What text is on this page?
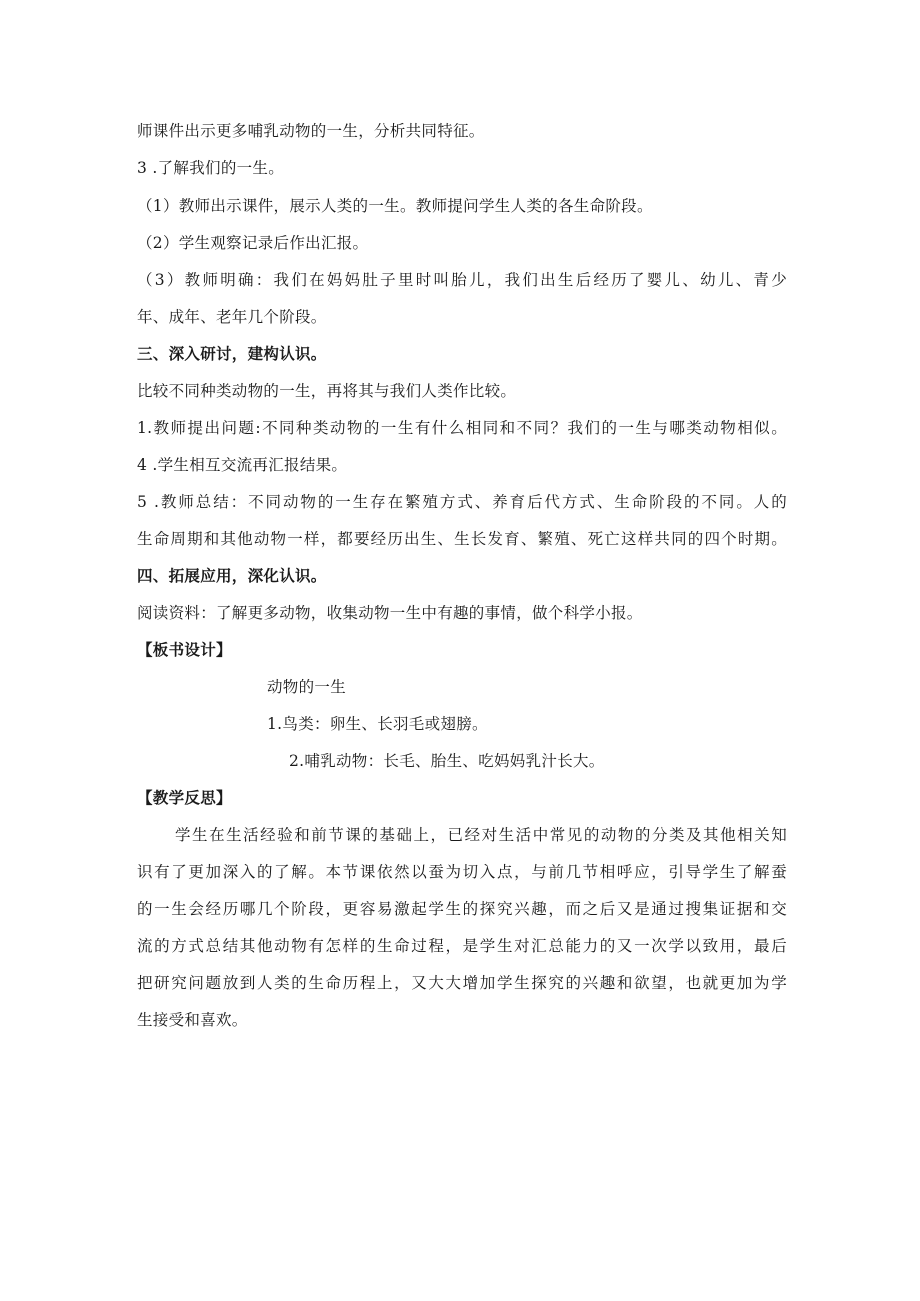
师课件出示更多哺乳动物的一生，分析共同特征。
3 .了解我们的一生。
（1）教师出示课件，展示人类的一生。教师提问学生人类的各生命阶段。
（2）学生观察记录后作出汇报。
（3）教师明确：我们在妈妈肚子里时叫胎儿，我们出生后经历了婴儿、幼儿、青少
年、成年、老年几个阶段。
三、深入研讨，建构认识。
比较不同种类动物的一生，再将其与我们人类作比较。
1.教师提出问题:不同种类动物的一生有什么相同和不同？我们的一生与哪类动物相似。
4 .学生相互交流再汇报结果。
5 .教师总结：不同动物的一生存在繁殖方式、养育后代方式、生命阶段的不同。人的
生命周期和其他动物一样，都要经历出生、生长发育、繁殖、死亡这样共同的四个时期。
四、拓展应用，深化认识。
阅读资料：了解更多动物，收集动物一生中有趣的事情，做个科学小报。
【板书设计】
动物的一生
1.鸟类：卵生、长羽毛或翅膀。
2.哺乳动物：长毛、胎生、吃妈妈乳汁长大。
【教学反思】
学生在生活经验和前节课的基础上，已经对生活中常见的动物的分类及其他相关知
识有了更加深入的了解。本节课依然以蚕为切入点，与前几节相呼应，引导学生了解蚕
的一生会经历哪几个阶段，更容易激起学生的探究兴趣，而之后又是通过搜集证据和交
流的方式总结其他动物有怎样的生命过程，是学生对汇总能力的又一次学以致用，最后
把研究问题放到人类的生命历程上，又大大增加学生探究的兴趣和欲望，也就更加为学
生接受和喜欢。
